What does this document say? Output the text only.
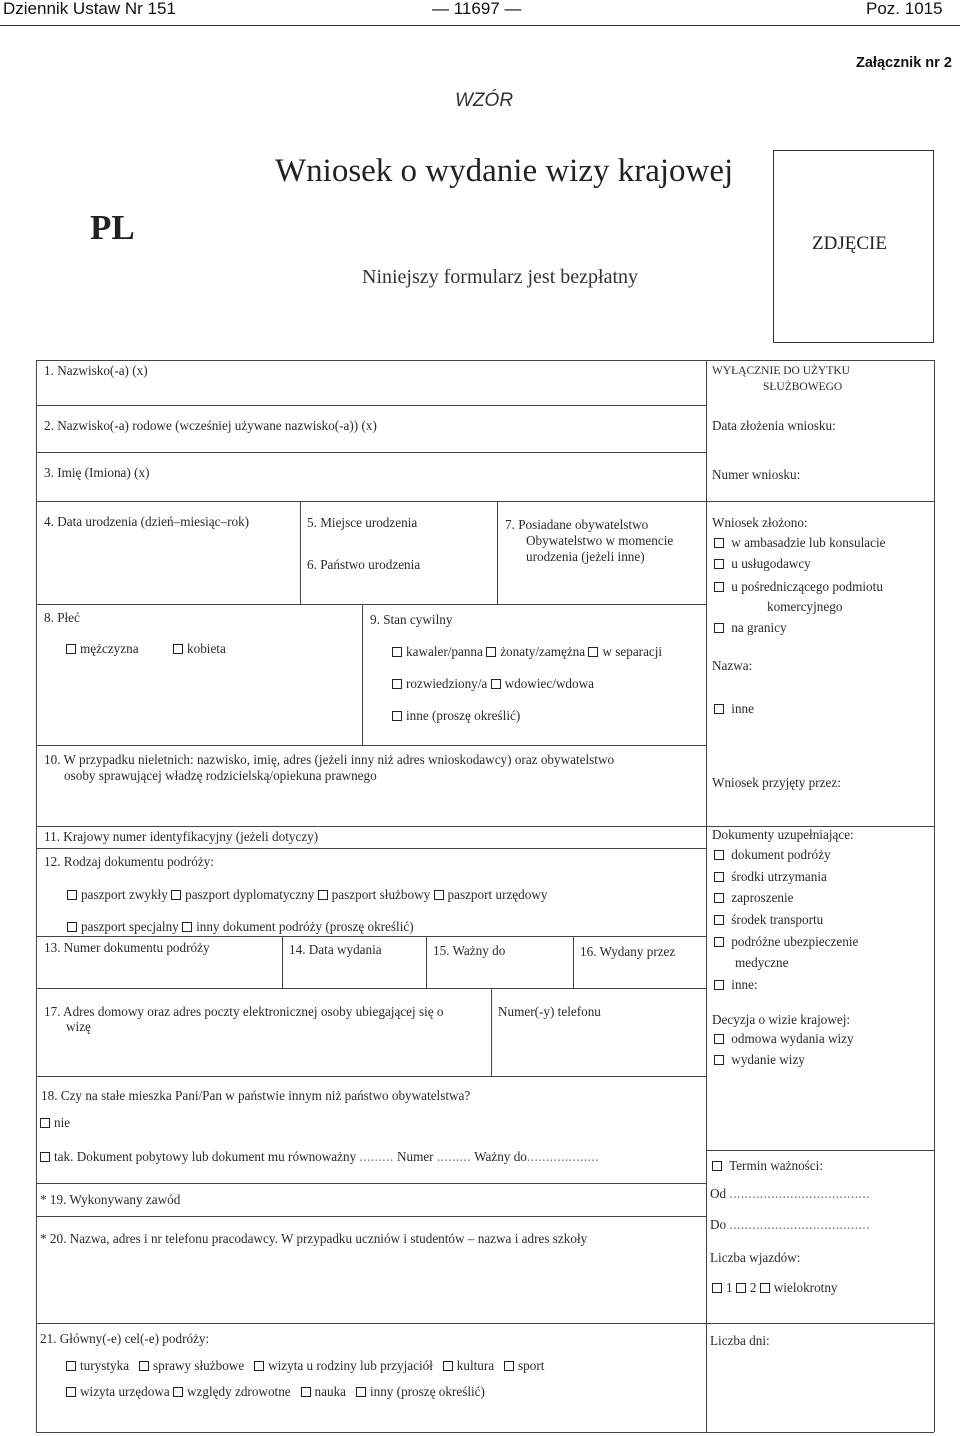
Dziennik Ustaw Nr 151	— 11697 —	Poz. 1015
Załącznik nr 2
WZÓR
Wniosek o wydanie wizy krajowej
PL
Niniejszy formularz jest bezpłatny
ZDJĘCIE
1. Nazwisko(-a) (x)
2. Nazwisko(-a) rodowe (wcześniej używane nazwisko(-a)) (x)
3. Imię (Imiona) (x)
4. Data urodzenia (dzień–miesiąc–rok)	5. Miejsce urodzenia
6. Państwo urodzenia
7. Posiadane obywatelstwo
Obywatelstwo w momencie
urodzenia (jeżeli inne)
8. Płeć
mężczyzna	kobieta
9. Stan cywilny
kawaler/panna żonaty/zamężna w separacji
rozwiedziony/a wdowiec/wdowa
inne (proszę określić)
10. W przypadku nieletnich: nazwisko, imię, adres (jeżeli inny niż adres wnioskodawcy) oraz obywatelstwo
osoby sprawującej władzę rodzicielską/opiekuna prawnego
11. Krajowy numer identyfikacyjny (jeżeli dotyczy)
12. Rodzaj dokumentu podróży:
paszport zwykły paszport dyplomatyczny paszport służbowy paszport urzędowy
paszport specjalny inny dokument podróży (proszę określić)
13. Numer dokumentu podróży	14. Data wydania	15. Ważny do	16. Wydany przez
17. Adres domowy oraz adres poczty elektronicznej osoby ubiegającej się o
wizę
Numer(-y) telefonu
18. Czy na stałe mieszka Pani/Pan w państwie innym niż państwo obywatelstwa?
nie
tak. Dokument pobytowy lub dokument mu równoważny ......... Numer ......... Ważny do...................
* 19. Wykonywany zawód
* 20. Nazwa, adres i nr telefonu pracodawcy. W przypadku uczniów i studentów – nazwa i adres szkoły
21. Główny(-e) cel(-e) podróży:
turystyka sprawy służbowe wizyta u rodziny lub przyjaciół kultura sport
wizyta urzędowa względy zdrowotne nauka inny (proszę określić)
WYŁĄCZNIE DO UŻYTKU
SŁUŻBOWEGO
Data złożenia wniosku:
Numer wniosku:
Wniosek złożono:
w ambasadzie lub konsulacie
u usługodawcy
u pośredniczącego podmiotu
komercyjnego
na granicy
Nazwa:
inne
Wniosek przyjęty przez:
Dokumenty uzupełniające:
dokument podróży
środki utrzymania
zaproszenie
środek transportu
podróżne ubezpieczenie
medyczne
inne:
Decyzja o wizie krajowej:
odmowa wydania wizy
wydanie wizy
Termin ważności:
Od .....................................
Do .....................................
Liczba wjazdów:
1 2 wielokrotny
Liczba dni:
